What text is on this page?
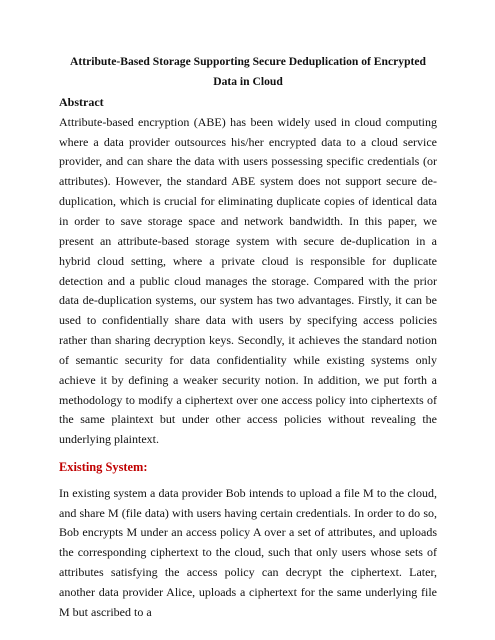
Attribute-Based Storage Supporting Secure Deduplication of Encrypted Data in Cloud
Abstract

Attribute-based encryption (ABE) has been widely used in cloud computing where a data provider outsources his/her encrypted data to a cloud service provider, and can share the data with users possessing specific credentials (or attributes). However, the standard ABE system does not support secure de-duplication, which is crucial for eliminating duplicate copies of identical data in order to save storage space and network bandwidth. In this paper, we present an attribute-based storage system with secure de-duplication in a hybrid cloud setting, where a private cloud is responsible for duplicate detection and a public cloud manages the storage. Compared with the prior data de-duplication systems, our system has two advantages. Firstly, it can be used to confidentially share data with users by specifying access policies rather than sharing decryption keys. Secondly, it achieves the standard notion of semantic security for data confidentiality while existing systems only achieve it by defining a weaker security notion. In addition, we put forth a methodology to modify a ciphertext over one access policy into ciphertexts of the same plaintext but under other access policies without revealing the underlying plaintext.

Existing System:

In existing system a data provider Bob intends to upload a file M to the cloud, and share M (file data) with users having certain credentials. In order to do so, Bob encrypts M under an access policy A over a set of attributes, and uploads the corresponding ciphertext to the cloud, such that only users whose sets of attributes satisfying the access policy can decrypt the ciphertext. Later, another data provider Alice, uploads a ciphertext for the same underlying file M but ascribed to a
